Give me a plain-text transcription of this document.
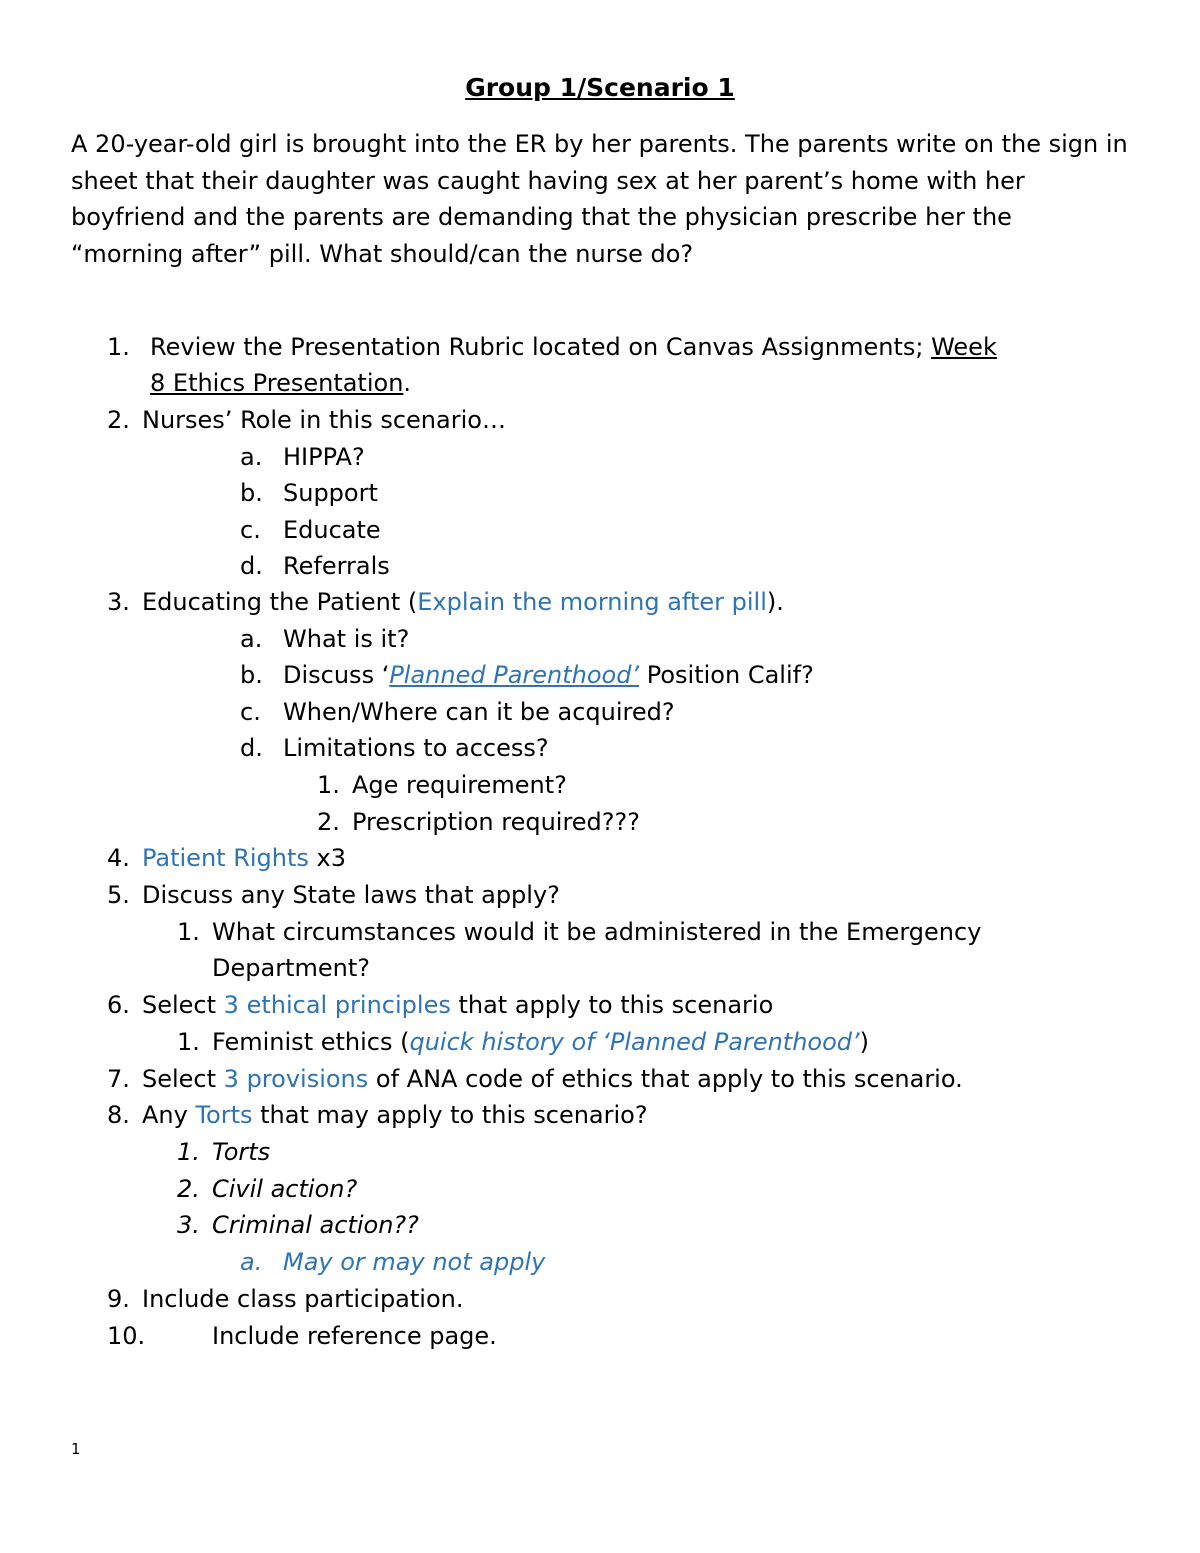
Group 1/Scenario 1

A 20-year-old girl is brought into the ER by her parents. The parents write on the sign in sheet that their daughter was caught having sex at her parent’s home with her boyfriend and the parents are demanding that the physician prescribe her the “morning after” pill. What should/can the nurse do?

1. Review the Presentation Rubric located on Canvas Assignments; Week
8 Ethics Presentation.
2. Nurses’ Role in this scenario…
a. HIPPA?
b. Support
c. Educate
d. Referrals
3. Educating the Patient (Explain the morning after pill).
a. What is it?
b. Discuss ‘Planned Parenthood’ Position Calif?
c. When/Where can it be acquired?
d. Limitations to access?
1. Age requirement?
2. Prescription required???
4. Patient Rights x3
5. Discuss any State laws that apply?
1. What circumstances would it be administered in the Emergency
Department?
6. Select 3 ethical principles that apply to this scenario
1. Feminist ethics (quick history of ‘Planned Parenthood’)
7. Select 3 provisions of ANA code of ethics that apply to this scenario.
8. Any Torts that may apply to this scenario?
1. Torts
2. Civil action?
3. Criminal action??
a. May or may not apply
9. Include class participation.
10.	Include reference page.
1
